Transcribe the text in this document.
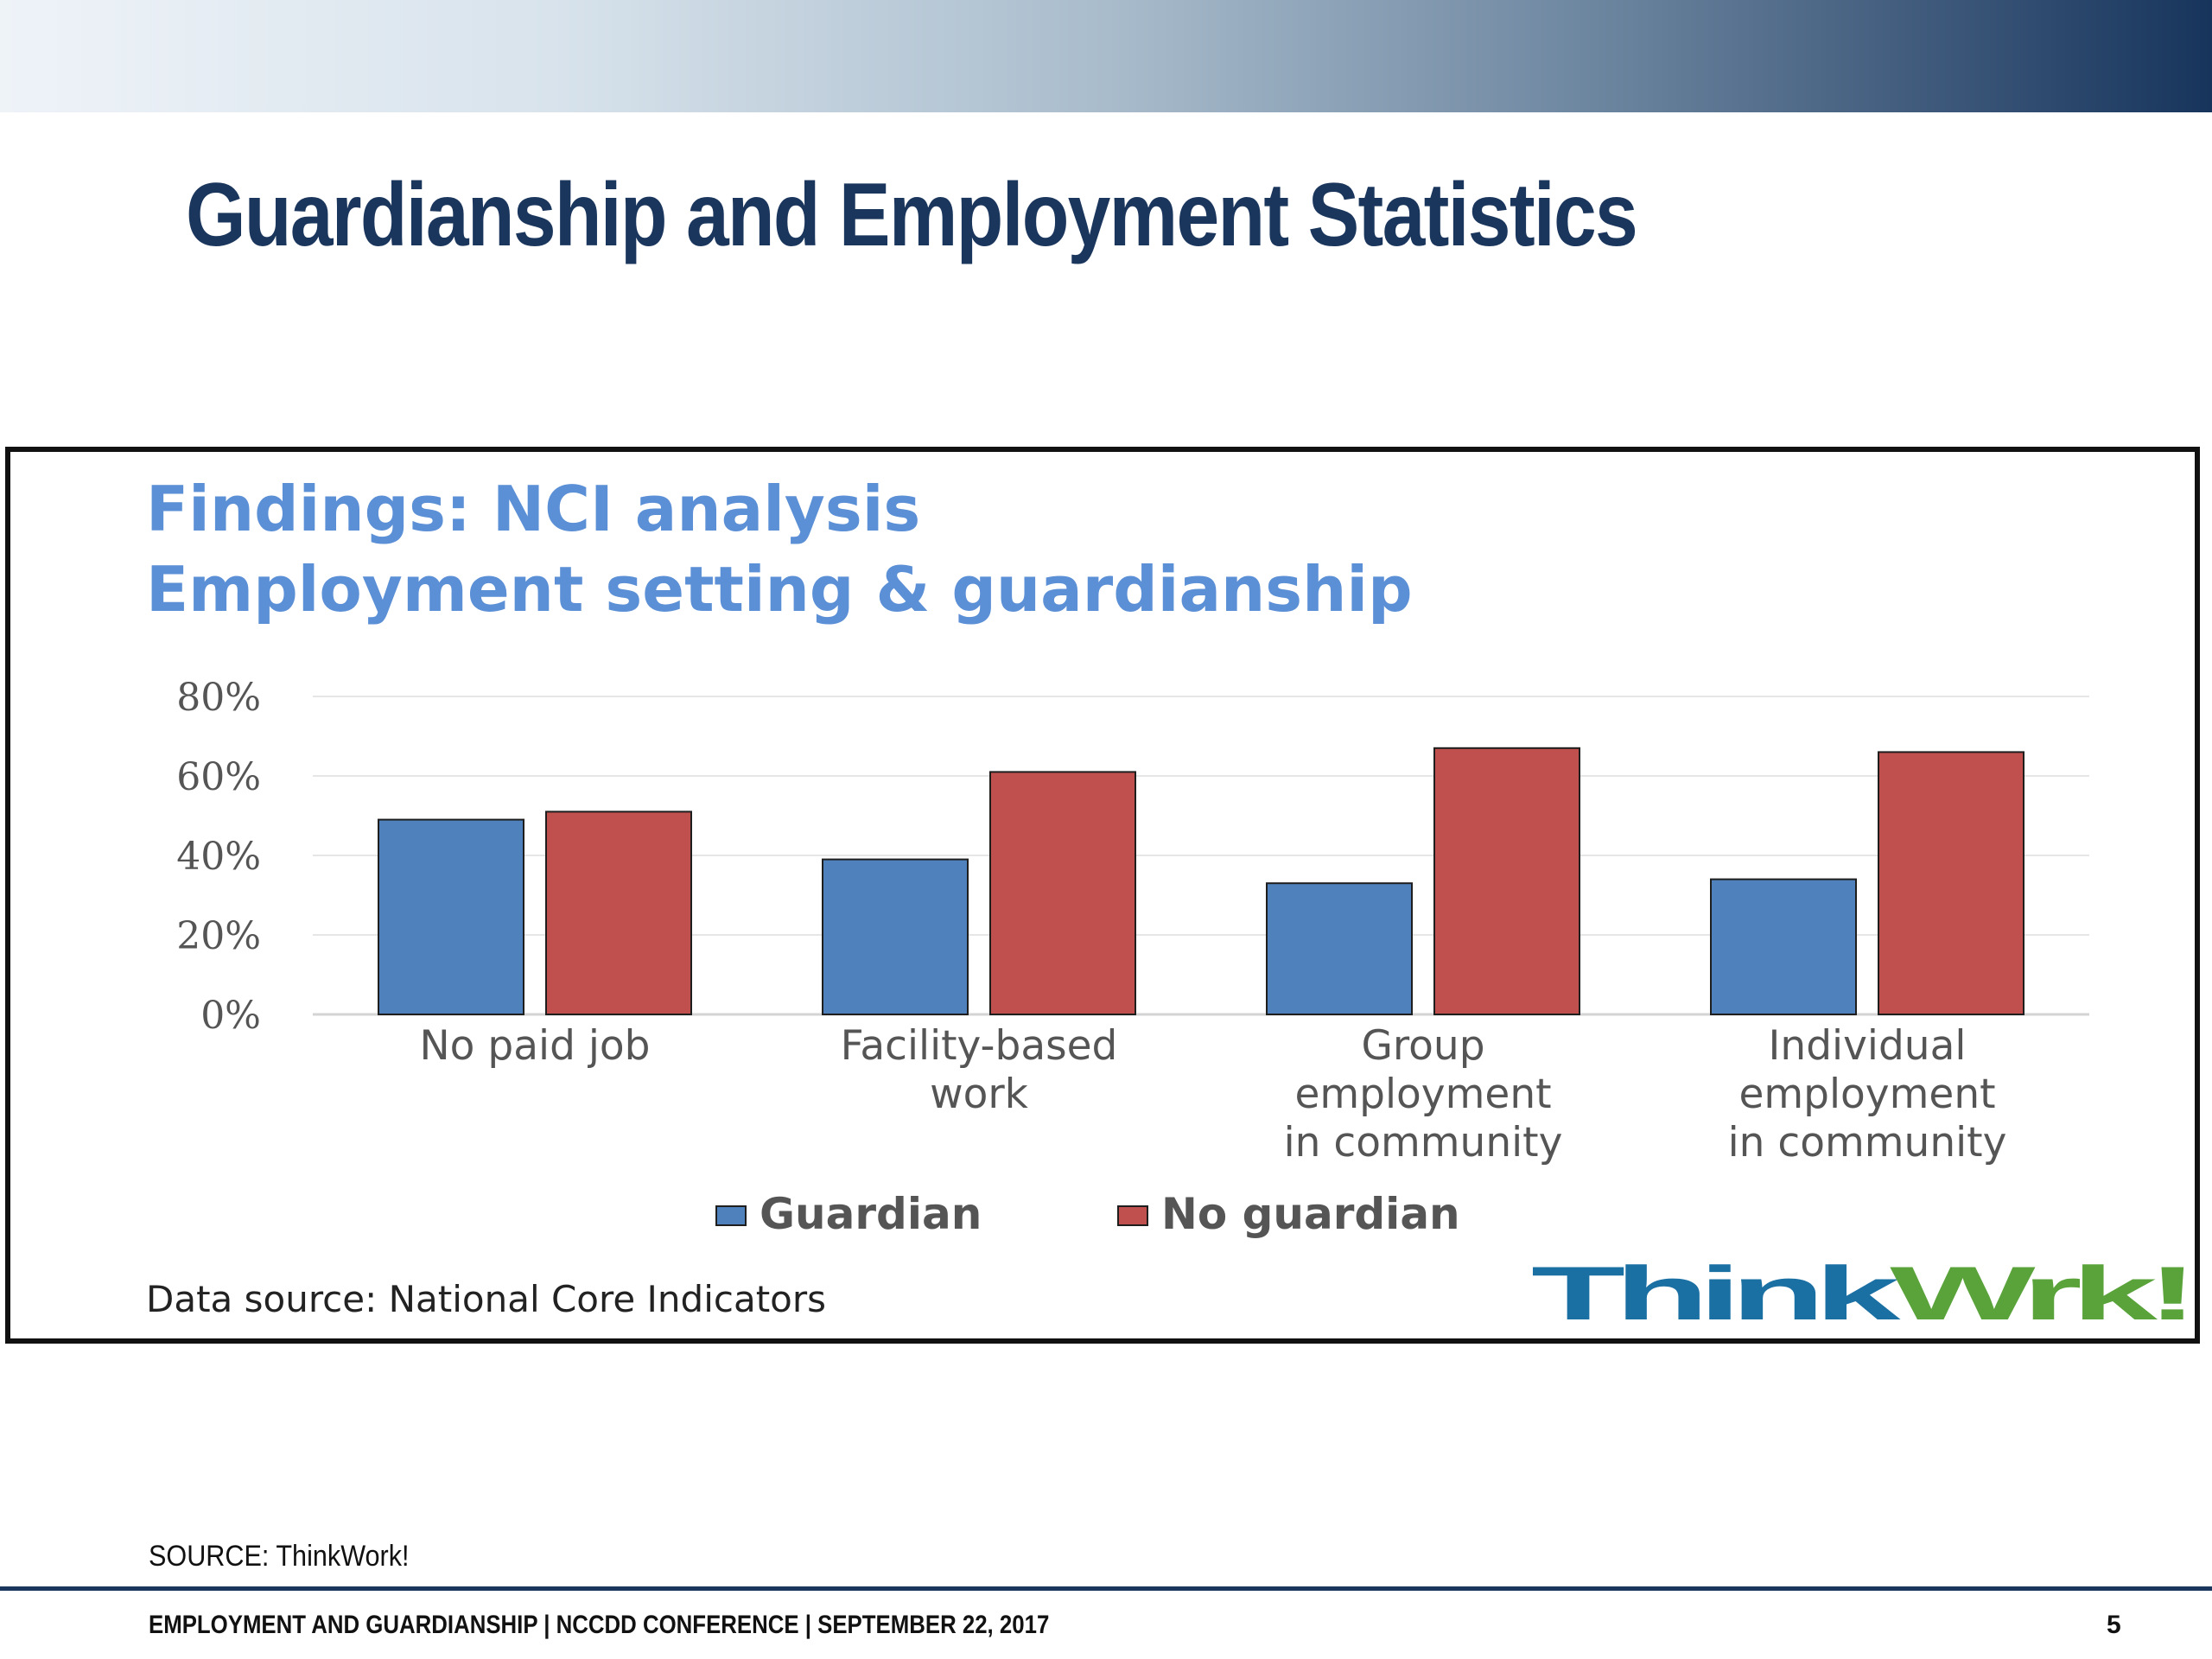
Guardianship and Employment Statistics
Findings: NCI analysis
Employment setting & guardianship
0%
20%
40%
60%
80%
No paid job	Facility-based
work
Group
employment
in community
Individual
employment
in community
Guardian	No guardian
Data source: National Core Indicators	Think W rk!
SOURCE: ThinkWork!
EMPLOYMENT AND GUARDIANSHIP | NCCDD CONFERENCE | SEPTEMBER 22, 2017	5
